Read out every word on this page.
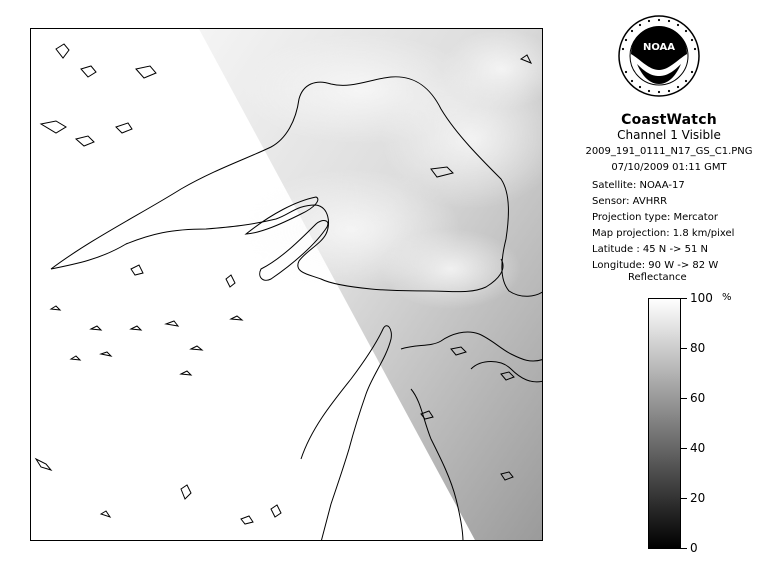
NOAA
CoastWatch
Channel 1 Visible
2009_191_0111_N17_GS_C1.PNG
07/10/2009 01:11 GMT
Satellite: NOAA-17
Sensor: AVHRR
Projection type: Mercator
Map projection: 1.8 km/pixel
Latitude : 45 N -> 51 N
Longitude: 90 W -> 82 W
Reflectance
100
80
60
40
20
0
%
